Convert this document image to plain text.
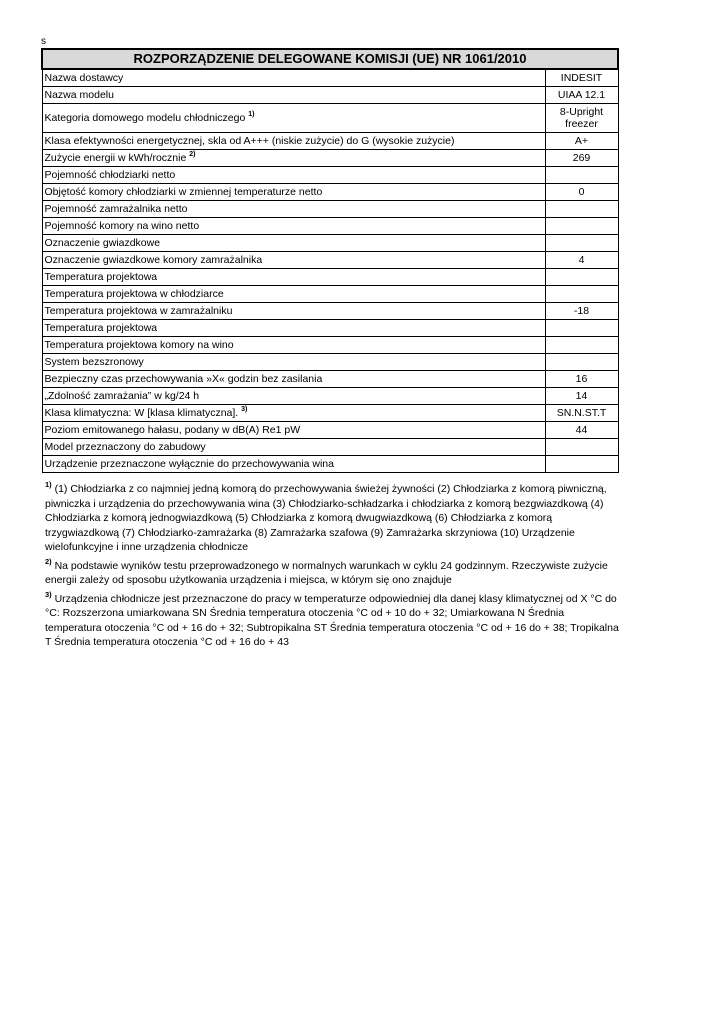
s
ROZPORZĄDZENIE DELEGOWANE KOMISJI (UE) NR 1061/2010	
Nazwa dostawcy	INDESIT
Nazwa modelu	UIAA 12.1
Kategoria domowego modelu chłodniczego $^{1)}$	8-Upright freezer
Klasa efektywności energetycznej, skla od A+++ (niskie zużycie) do G (wysokie zużycie)	A+
Zużycie energii w kWh/rocznie $^{2)}$	269
Pojemność chłodziarki netto	
Objętość komory chłodziarki w zmiennej temperaturze netto	0
Pojemność zamrażalnika netto	
Pojemność komory na wino netto	
Oznaczenie gwiazdkowe	
Oznaczenie gwiazdkowe komory zamrażalnika	4
Temperatura projektowa	
Temperatura projektowa w chłodziarce	
Temperatura projektowa w zamrażalniku	-18
Temperatura projektowa	
Temperatura projektowa komory na wino	
System bezszronowy	
Bezpieczny czas przechowywania »X« godzin bez zasilania	16
„Zdolność zamrażania” w kg/24 h	14
Klasa klimatyczna: W [klasa klimatyczna]. $^{3)}$	SN.N.ST.T
Poziom emitowanego hałasu, podany w dB(A) Re1 pW	44
Model przeznaczony do zabudowy	
Urządzenie przeznaczone wyłącznie do przechowywania wina	

$^{1)}$ (1) Chłodziarka z co najmniej jedną komorą do przechowywania świeżej żywności (2) Chłodziarka z komorą piwniczną, piwniczka i urządzenia do przechowywania wina (3) Chłodziarko-schładzarka i chłodziarka z komorą bezgwiazdkową (4) Chłodziarka z komorą jednogwiazdkową (5) Chłodziarka z komorą dwugwiazdkową (6) Chłodziarka z komorą trzygwiazdkową (7) Chłodziarko-zamrażarka (8) Zamrażarka szafowa (9) Zamrażarka skrzyniowa (10) Urządzenie wielofunkcyjne i inne urządzenia chłodnicze

$^{2)}$ Na podstawie wyników testu przeprowadzonego w normalnych warunkach w cyklu 24 godzinnym. Rzeczywiste zużycie energii zależy od sposobu użytkowania urządzenia i miejsca, w którym się ono znajduje

$^{3)}$ Urządzenia chłodnicze jest przeznaczone do pracy w temperaturze odpowiedniej dla danej klasy klimatycznej od X °C do °C: Rozszerzona umiarkowana SN Średnia temperatura otoczenia °C od + 10 do + 32; Umiarkowana N Średnia temperatura otoczenia °C od + 16 do + 32; Subtropikalna ST Średnia temperatura otoczenia °C od + 16 do + 38; Tropikalna T Średnia temperatura otoczenia °C od + 16 do + 43
